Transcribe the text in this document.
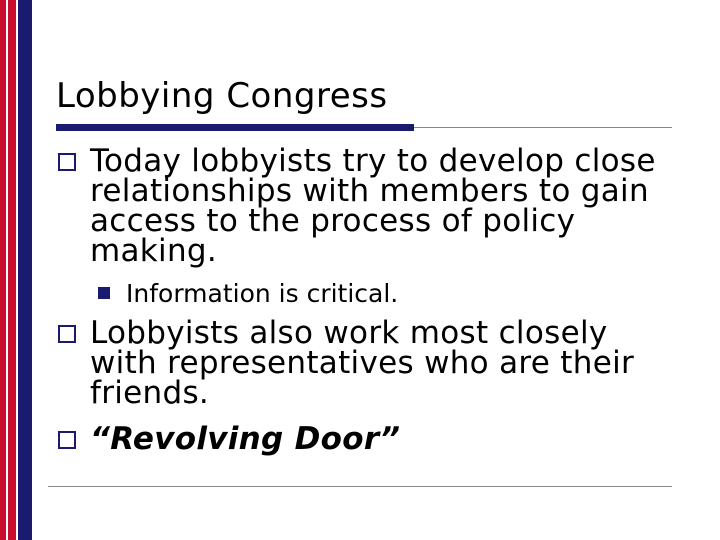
Lobbying Congress
Today lobbyists try to develop close relationships with members to gain access to the process of policy making.
Information is critical.
Lobbyists also work most closely with representatives who are their friends.
“Revolving Door”
